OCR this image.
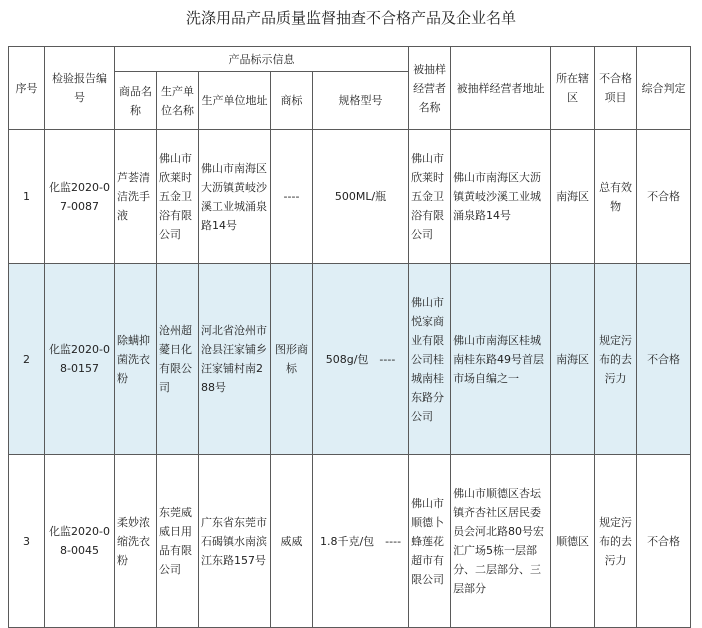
洗涤用品产品质量监督抽查不合格产品及企业名单
序号	检验报告编号	产品标示信息					被抽样经营者名称	被抽样经营者地址	所在辖区	不合格项目	综合判定
		商品名称	生产单位名称	生产单位地址	商标	规格型号					
1	化监2020-07-0087	芦荟清洁洗手液	佛山市欣莱时五金卫浴有限公司	佛山市南海区大沥镇黄岐沙溪工业城涌泉路14号	----	500ML/瓶	佛山市欣莱时五金卫浴有限公司	佛山市南海区大沥镇黄岐沙溪工业城涌泉路14号	南海区	总有效物	不合格
2	化监2020-08-0157	除螨抑菌洗衣粉	沧州超薆日化有限公司	河北省沧州市沧县汪家铺乡汪家铺村南288号	图形商标	508g/包　----	佛山市悦家商业有限公司桂城南桂东路分公司	佛山市南海区桂城南桂东路49号首层市场自编之一	南海区	规定污布的去污力	不合格
3	化监2020-08-0045	柔妙浓缩洗衣粉	东莞威威日用品有限公司	广东省东莞市石碣镇水南滨江东路157号	威威	1.8千克/包　----	佛山市顺德卜蜂莲花超市有限公司	佛山市顺德区杏坛镇齐杏社区居民委员会河北路80号宏汇广场5栋一层部分、二层部分、三层部分	顺德区	规定污布的去污力	不合格
